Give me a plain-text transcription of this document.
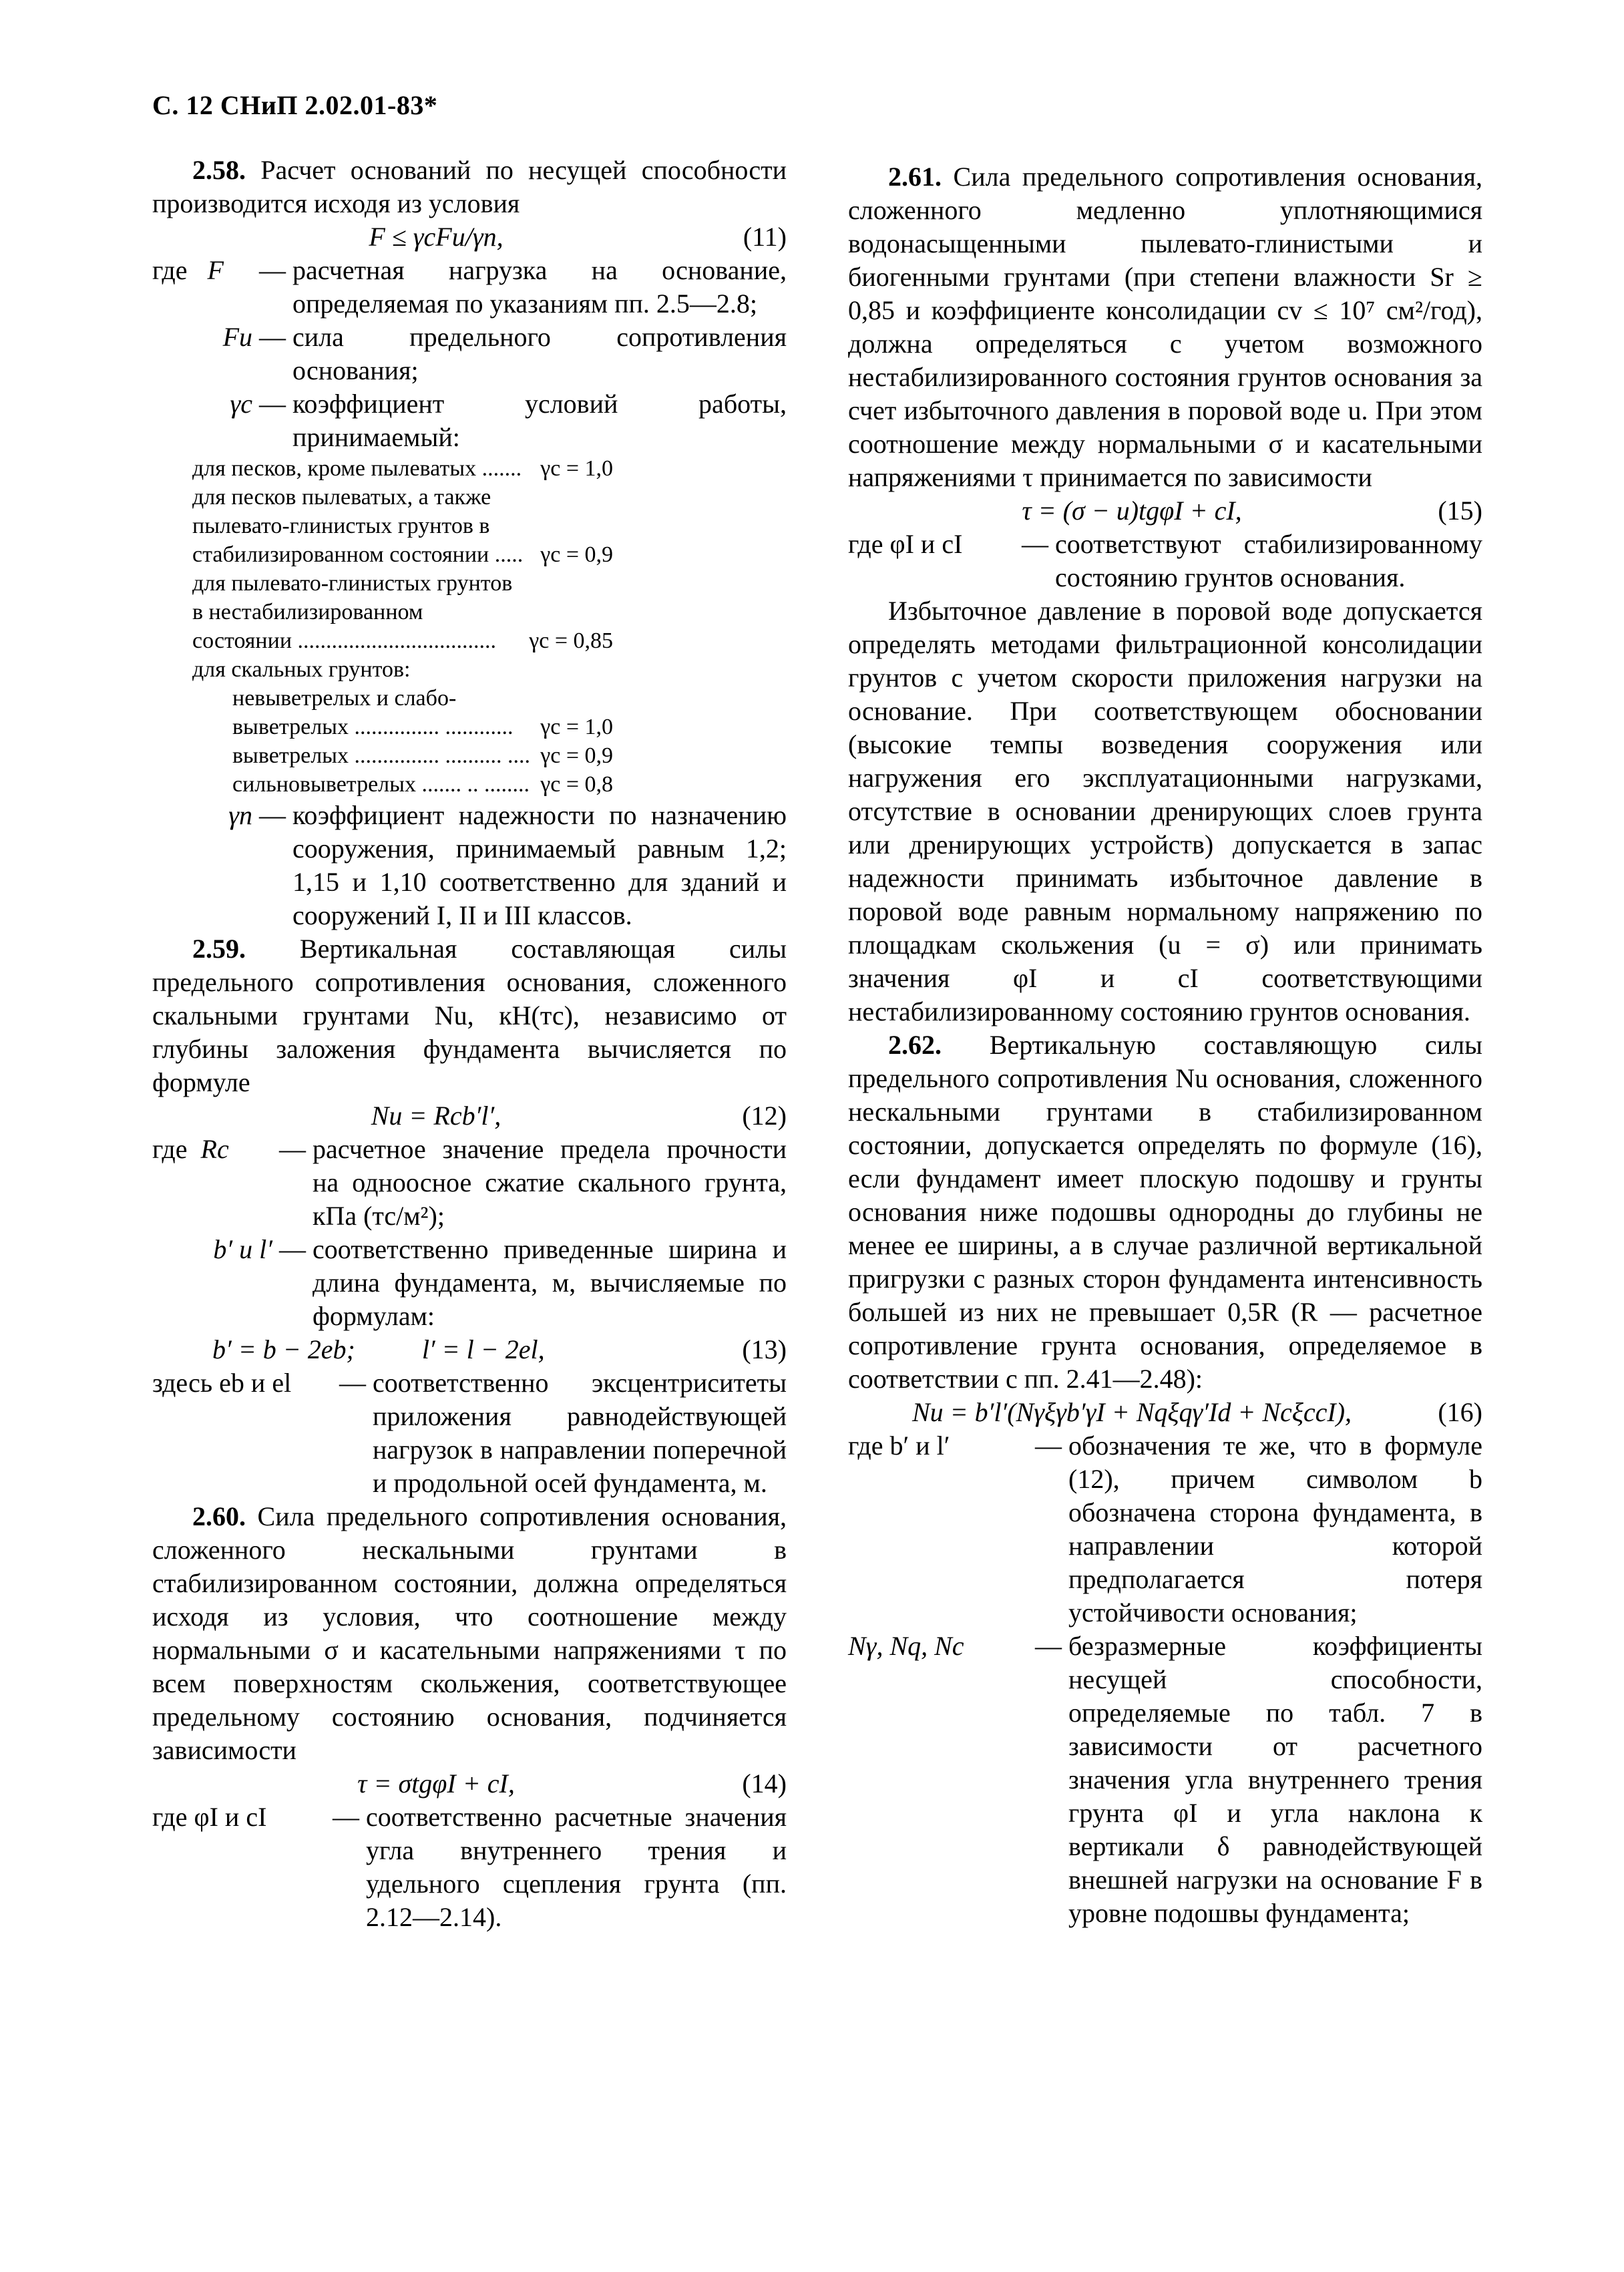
С. 12 СНиП 2.02.01-83*

2.58. Расчет оснований по несущей способности производится исходя из условия

F ≤ γcFu/γn,	(11)
где F	— расчетная нагрузка на основание, определяемая по указаниям пп. 2.5—2.8;
Fu — сила предельного сопротивления основания;
γc — коэффициент условий работы, принимаемый:
для песков, кроме пылеватых ....... γc = 1,0
для песков пылеватых, а также
пылевато-глинистых грунтов в
стабилизированном состоянии ..... γc = 0,9
для пылевато-глинистых грунтов
в нестабилизированном
состоянии ...................................	γc = 0,85
для скальных грунтов:
невыветрелых и слабо-
выветрелых ............... ............	γc = 1,0
выветрелых ............... .......... .... γc = 0,9
сильновыветрелых ....... .. ........ γc = 0,8
γn — коэффициент надежности по назначению сооружения, принимаемый равным 1,2; 1,15 и 1,10 соответственно для зданий и сооружений I, II и III классов.

2.59. Вертикальная составляющая силы предельного сопротивления основания, сложенного скальными грунтами Nu, кН(тс), независимо от глубины заложения фундамента вычисляется по формуле

Nu = Rcb′l′,	(12)
где Rc	— расчетное значение предела прочности на одноосное сжатие скального грунта, кПа (тс/м²);
b′ и l′ — соответственно приведенные ширина и длина фундамента, м, вычисляемые по формулам:
b′ = b − 2eb;	l′ = l − 2el,	(13)
здесь eb и el	— соответственно эксцентриситеты приложения равнодействующей нагрузок в направлении поперечной и продольной осей фундамента, м.

2.60. Сила предельного сопротивления основания, сложенного нескальными грунтами в стабилизированном состоянии, должна определяться исходя из условия, что соотношение между нормальными σ и касательными напряжениями τ по всем поверхностям скольжения, соответствующее предельному состоянию основания, подчиняется зависимости

τ = σtgφI + cI,	(14)
где φI и cI	— соответственно расчетные значения угла внутреннего трения и удельного сцепления грунта (пп. 2.12—2.14).

2.61. Сила предельного сопротивления основания, сложенного медленно уплотняющимися водонасыщенными пылевато-глинистыми и биогенными грунтами (при степени влажности Sr ≥ 0,85 и коэффициенте консолидации cv ≤ 10⁷ см²/год), должна определяться с учетом возможного нестабилизированного состояния грунтов основания за счет избыточного давления в поровой воде u. При этом соотношение между нормальными σ и касательными напряжениями τ принимается по зависимости

τ = (σ − u)tgφI + cI,	(15)
где φI и cI	— соответствуют стабилизированному состоянию грунтов основания.

Избыточное давление в поровой воде допускается определять методами фильтрационной консолидации грунтов с учетом скорости приложения нагрузки на основание. При соответствующем обосновании (высокие темпы возведения сооружения или нагружения его эксплуатационными нагрузками, отсутствие в основании дренирующих слоев грунта или дренирующих устройств) допускается в запас надежности принимать избыточное давление в поровой воде равным нормальному напряжению по площадкам скольжения (u = σ) или принимать значения φI и cI соответствующими нестабилизированному состоянию грунтов основания.

2.62. Вертикальную составляющую силы предельного сопротивления Nu основания, сложенного нескальными грунтами в стабилизированном состоянии, допускается определять по формуле (16), если фундамент имеет плоскую подошву и грунты основания ниже подошвы однородны до глубины не менее ее ширины, а в случае различной вертикальной пригрузки с разных сторон фундамента интенсивность большей из них не превышает 0,5R (R — расчетное сопротивление грунта основания, определяемое в соответствии с пп. 2.41—2.48):

Nu = b′l′(Nγξγb′γI + Nqξqγ′Id + NcξccI),	(16)
где b′ и l′	— обозначения те же, что в формуле (12), причем символом b обозначена сторона фундамента, в направлении которой предполагается потеря устойчивости основания;
Nγ, Nq, Nc	— безразмерные коэффициенты несущей способности, определяемые по табл. 7 в зависимости от расчетного значения угла внутреннего трения грунта φI и угла наклона к вертикали δ равнодействующей внешней нагрузки на основание F в уровне подошвы фундамента;
